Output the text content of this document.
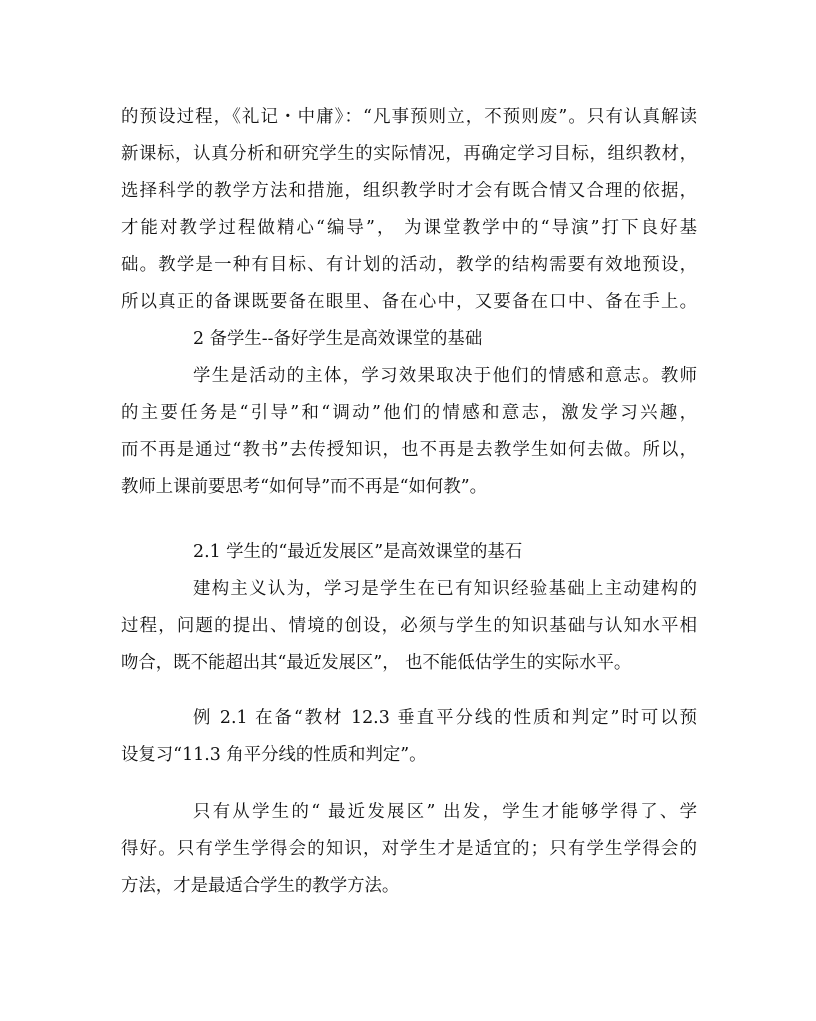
的预设过程，《礼记・中庸》：“凡事预则立，不预则废”。只有认真解读
新课标，认真分析和研究学生的实际情况，再确定学习目标，组织教材，
选择科学的教学方法和措施，组织教学时才会有既合情又合理的依据，
才能对教学过程做精心“编导”， 为课堂教学中的“导演”打下良好基
础。教学是一种有目标、有计划的活动，教学的结构需要有效地预设，
所以真正的备课既要备在眼里、备在心中，又要备在口中、备在手上。
2 备学生--备好学生是高效课堂的基础
学生是活动的主体，学习效果取决于他们的情感和意志。教师
的主要任务是“引导”和“调动”他们的情感和意志，激发学习兴趣，
而不再是通过“教书”去传授知识，也不再是去教学生如何去做。所以，
教师上课前要思考“如何导”而不再是“如何教”。
2.1 学生的“最近发展区”是高效课堂的基石
建构主义认为，学习是学生在已有知识经验基础上主动建构的
过程，问题的提出、情境的创设，必须与学生的知识基础与认知水平相
吻合，既不能超出其“最近发展区”， 也不能低估学生的实际水平。
例 2.1 在备“教材 12.3 垂直平分线的性质和判定”时可以预
设复习“11.3 角平分线的性质和判定”。
只有从学生的“ 最近发展区” 出发，学生才能够学得了、学
得好。只有学生学得会的知识，对学生才是适宜的；只有学生学得会的
方法，才是最适合学生的教学方法。
